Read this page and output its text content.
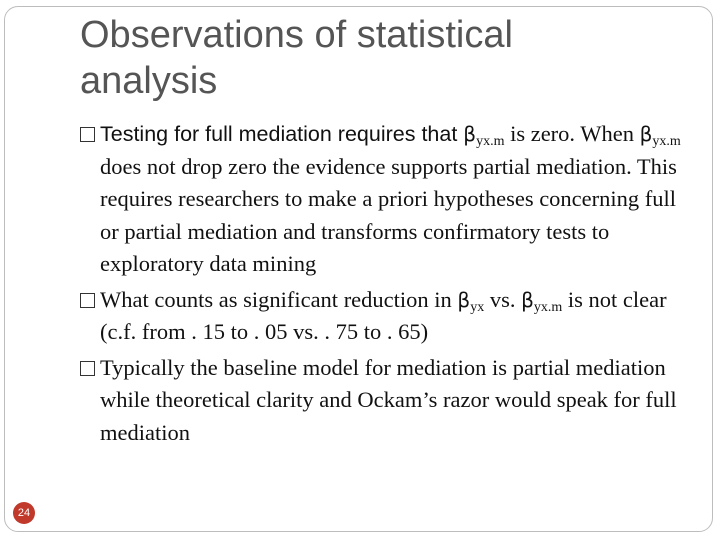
Observations of statistical analysis
Testing for full mediation requires that $\beta_{yx.m}$ is zero. When $\beta_{yx.m}$ does not drop zero the evidence supports partial mediation. This requires researchers to make a priori hypotheses concerning full or partial mediation and transforms confirmatory tests to exploratory data mining
What counts as significant reduction in $\beta_{yx}$ vs. $\beta_{yx.m}$ is not clear (c.f. from . 15 to . 05 vs. . 75 to . 65)
Typically the baseline model for mediation is partial mediation while theoretical clarity and Ockam’s razor would speak for full mediation
24
